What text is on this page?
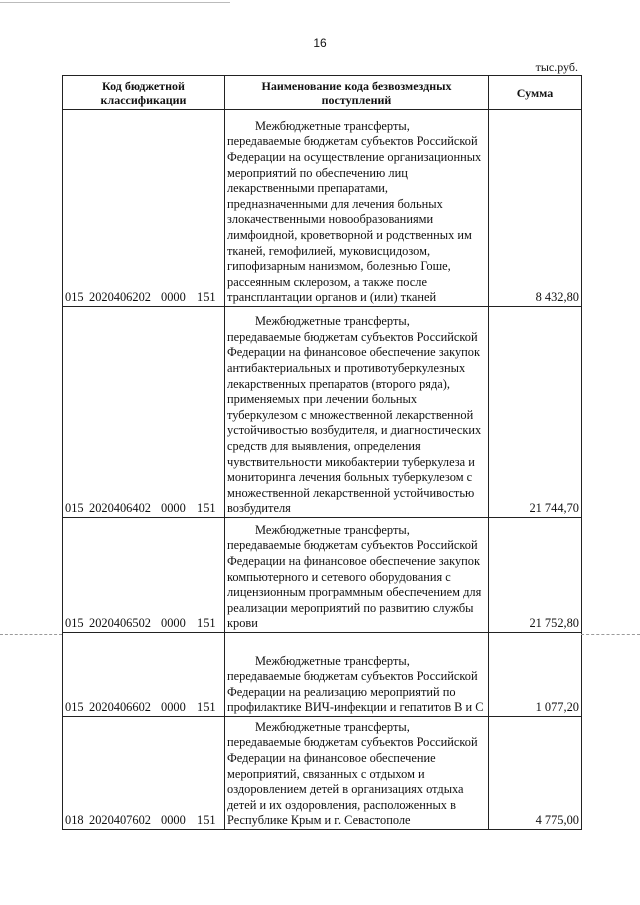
16
тыс.руб.
Код бюджетной классификации	Наименование кода безвозмездных поступлений	Сумма
015 2020406202 0000 151	Межбюджетные трансферты, передаваемые бюджетам субъектов Российской Федерации на осуществление организационных мероприятий по обеспечению лиц лекарственными препаратами, предназначенными для лечения больных злокачественными новообразованиями лимфоидной, кроветворной и родственных им тканей, гемофилией, муковисцидозом, гипофизарным нанизмом, болезнью Гоше, рассеянным склерозом, а также после трансплантации органов и (или) тканей	8 432,80
015 2020406402 0000 151	Межбюджетные трансферты, передаваемые бюджетам субъектов Российской Федерации на финансовое обеспечение закупок антибактериальных и противотуберкулезных лекарственных препаратов (второго ряда), применяемых при лечении больных туберкулезом с множественной лекарственной устойчивостью возбудителя, и диагностических средств для выявления, определения чувствительности микобактерии туберкулеза и мониторинга лечения больных туберкулезом с множественной лекарственной устойчивостью возбудителя	21 744,70
015 2020406502 0000 151	Межбюджетные трансферты, передаваемые бюджетам субъектов Российской Федерации на финансовое обеспечение закупок компьютерного и сетевого оборудования с лицензионным программным обеспечением для реализации мероприятий по развитию службы крови	21 752,80
015 2020406602 0000 151	Межбюджетные трансферты, передаваемые бюджетам субъектов Российской Федерации на реализацию мероприятий по профилактике ВИЧ-инфекции и гепатитов В и С	1 077,20
018 2020407602 0000 151	Межбюджетные трансферты, передаваемые бюджетам субъектов Российской Федерации на финансовое обеспечение мероприятий, связанных с отдыхом и оздоровлением детей в организациях отдыха детей и их оздоровления, расположенных в Республике Крым и г. Севастополе	4 775,00
